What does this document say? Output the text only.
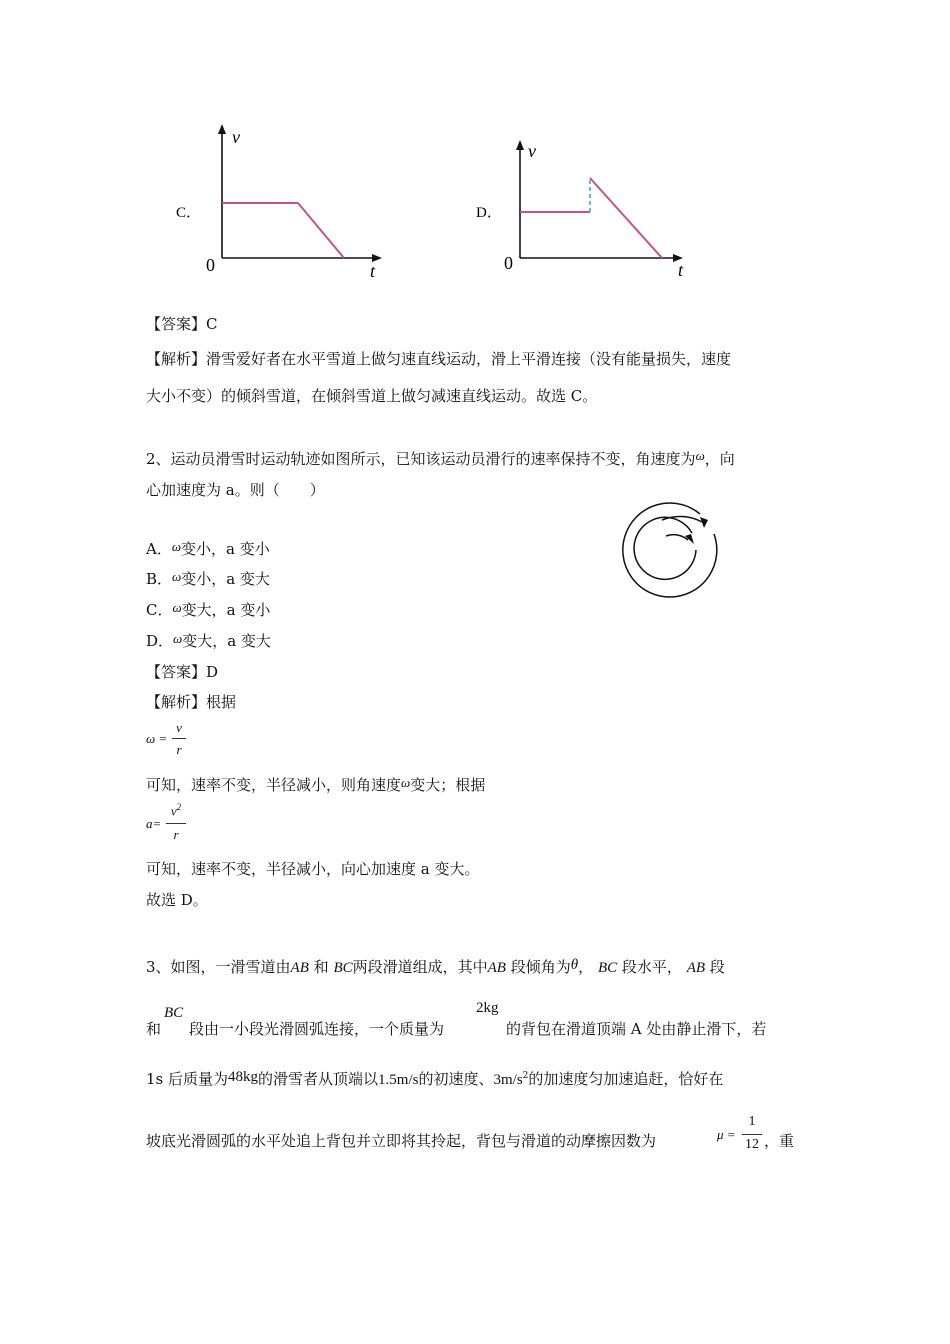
C．
v
t
0
D．
v
t
0
【答案】C
【解析】滑雪爱好者在水平雪道上做匀速直线运动，滑上平滑连接（没有能量损失，速度
大小不变）的倾斜雪道，在倾斜雪道上做匀减速直线运动。故选 C。
2、运动员滑雪时运动轨迹如图所示，已知该运动员滑行的速率保持不变，角速度为ω，向
心加速度为 a。则（　　）
A．ω变小，a 变小
B．ω变小，a 变大
C．ω变大，a 变小
D．ω变大，a 变大
【答案】D
【解析】根据
ω =
v
r
可知，速率不变，半径减小，则角速度ω变大；根据
a=
$v^2$
r
可知，速率不变，半径减小，向心加速度 a 变大。
故选 D。
3、如图，一滑雪道由AB 和 BC两段滑道组成，其中AB 段倾角为θ， BC 段水平， AB 段
和
BC
段由一小段光滑圆弧连接，一个质量为
2kg
的背包在滑道顶端 A 处由静止滑下，若
1s 后质量为48kg的滑雪者从顶端以1.5m/s的初速度、$3m/s^2$的加速度匀加速追赶，恰好在
坡底光滑圆弧的水平处追上背包并立即将其拎起，背包与滑道的动摩擦因数为	μ =
1
12 ，重
